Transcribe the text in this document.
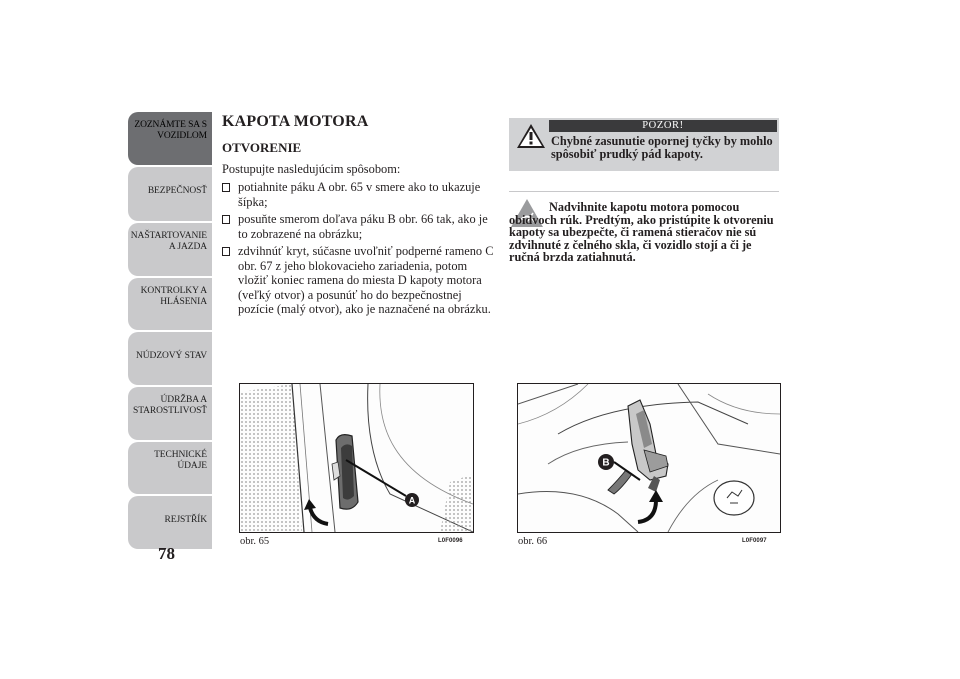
ZOZNÁMTE SA S
VOZIDLOM
BEZPEČNOSŤ
NAŠTARTOVANIE
A JAZDA
KONTROLKY A
HLÁSENIA
NÚDZOVÝ STAV
ÚDRŽBA A
STAROSTLIVOSŤ
TECHNICKÉ
ÚDAJE
REJSTŘÍK
78
KAPOTA MOTORA
OTVORENIE
Postupujte nasledujúcim spôsobom:
potiahnite páku A obr. 65 v smere ako to ukazuje šípka;
posuňte smerom doľava páku B obr. 66 tak, ako je to zobrazené na obrázku;
zdvihnúť kryt, súčasne uvoľniť podperné rameno C obr. 67 z jeho blokovacieho zariadenia, potom vložiť koniec ramena do miesta D kapoty motora (veľký otvor) a posunúť ho do bezpečnostnej pozície (malý otvor), ako je naznačené na obrázku.
POZOR!
Chybné zasunutie opornej tyčky by mohlo spôsobiť prudký pád kapoty.
Nadvihnite kapotu motora pomocou obidvoch rúk. Predtým, ako pristúpite k otvoreniu kapoty sa ubezpečte, či ramená stieračov nie sú zdvihnuté z čelného skla, či vozidlo stojí a či je ručná brzda zatiahnutá.
A
obr. 65	L0F0096
B
obr. 66	L0F0097
